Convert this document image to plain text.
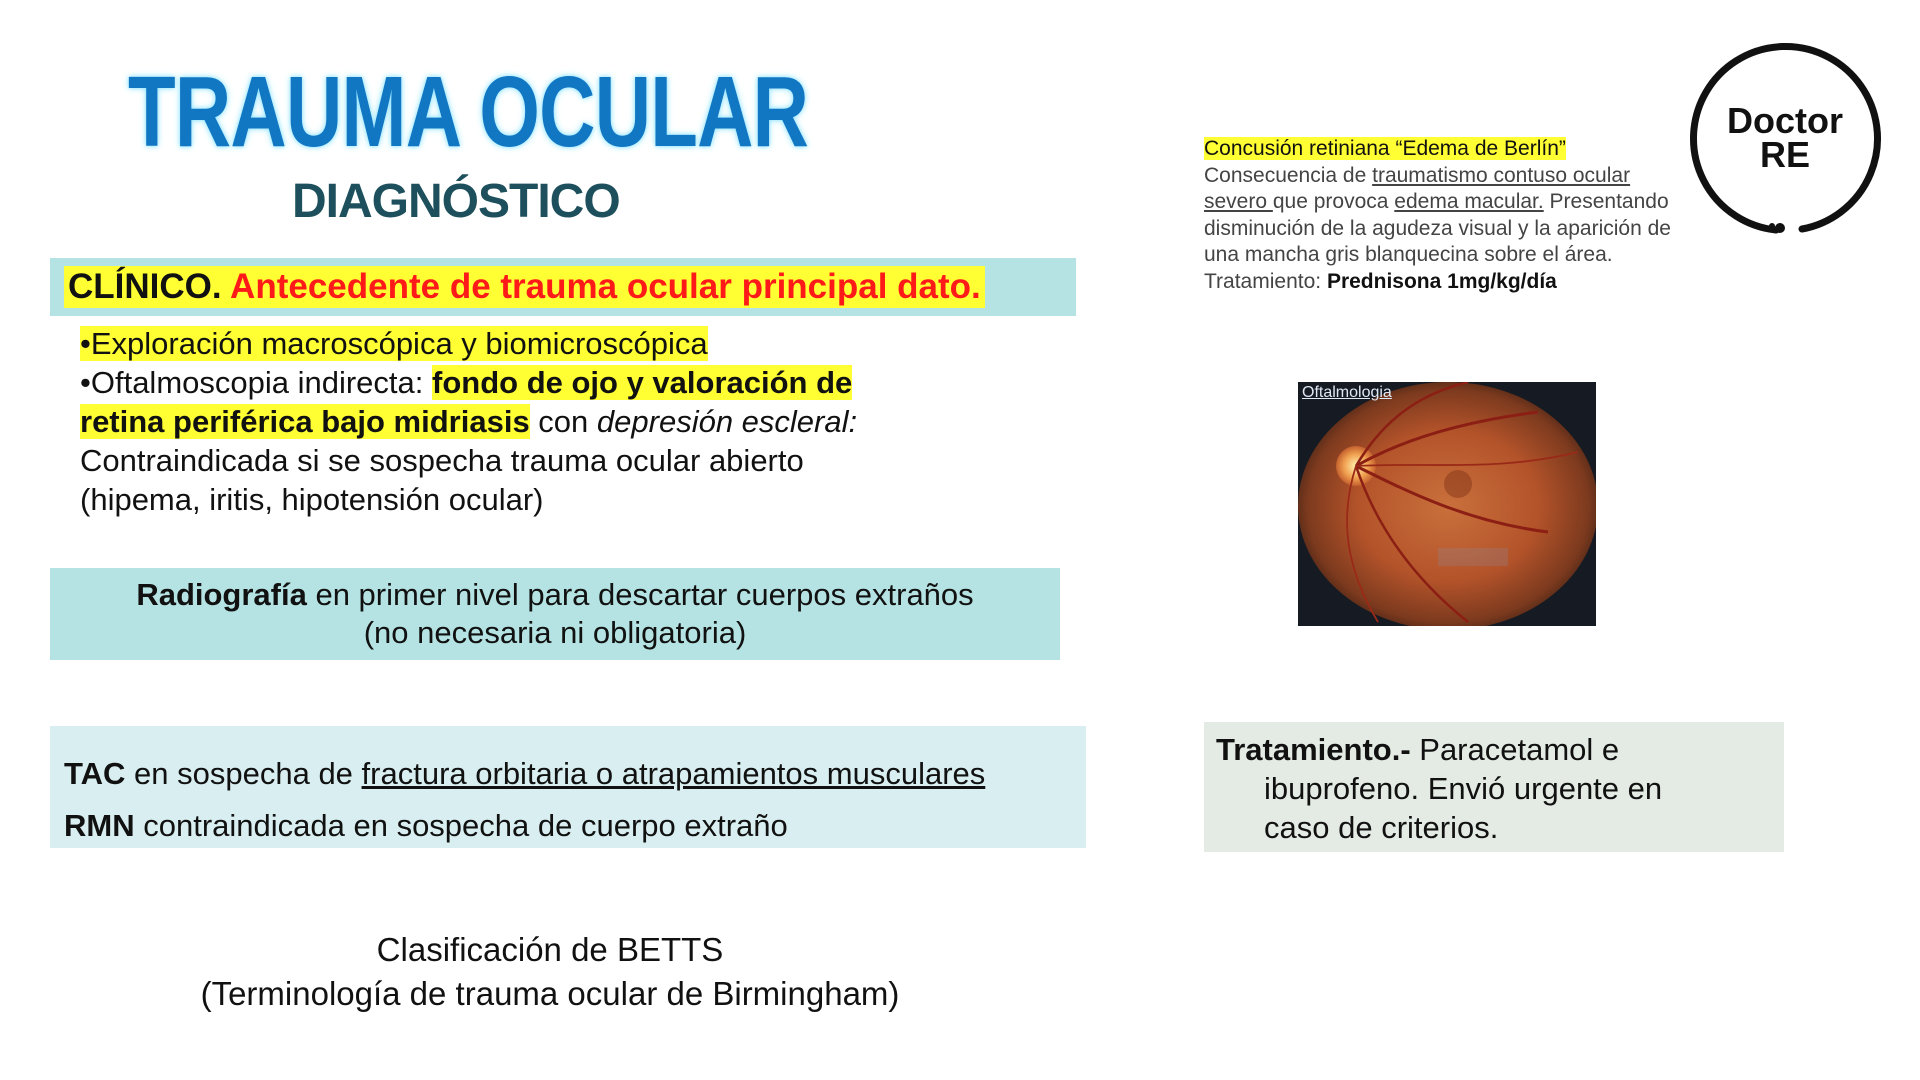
TRAUMA OCULAR
DIAGNÓSTICO
CLÍNICO. Antecedente de trauma ocular principal dato.
•Exploración macroscópica y biomicroscópica
•Oftalmoscopia indirecta: fondo de ojo y valoración de
retina periférica bajo midriasis con depresión escleral:
Contraindicada si se sospecha trauma ocular abierto
(hipema, iritis, hipotensión ocular)
Radiografía en primer nivel para descartar cuerpos extraños
(no necesaria ni obligatoria)
TAC en sospecha de fractura orbitaria o atrapamientos musculares
RMN contraindicada en sospecha de cuerpo extraño
Clasificación de BETTS
(Terminología de trauma ocular de Birmingham)
Concusión retiniana “Edema de Berlín”
Consecuencia de traumatismo contuso ocular severo que provoca edema macular. Presentando disminución de la agudeza visual y la aparición de una mancha gris blanquecina sobre el área.
Tratamiento: Prednisona 1mg/kg/día
Doctor
RE
Oftalmologia
Tratamiento.- Paracetamol e
ibuprofeno. Envió urgente en
caso de criterios.
